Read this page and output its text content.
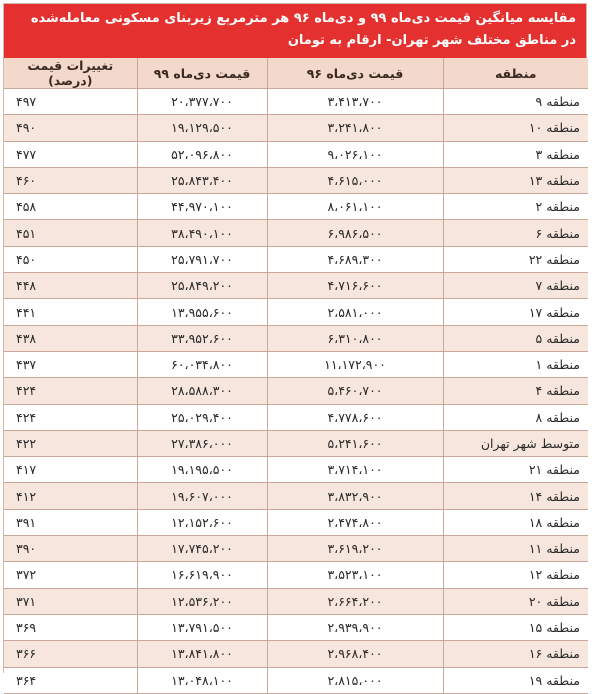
مقایسه میانگین قیمت دی‌ماه ۹۹ و دی‌ماه ۹۶ هر مترمربع زیربنای مسکونی معامله‌شده
در مناطق مختلف شهر تهران- ارقام به تومان
منطقه	قیمت دی‌ماه ۹۶	قیمت دی‌ماه ۹۹	تغییرات قیمت (درصد)
منطقه ۹	۳،۴۱۳،۷۰۰	۲۰،۳۷۷،۷۰۰	۴۹۷
منطقه ۱۰	۳،۲۴۱،۸۰۰	۱۹،۱۲۹،۵۰۰	۴۹۰
منطقه ۳	۹،۰۲۶،۱۰۰	۵۲،۰۹۶،۸۰۰	۴۷۷
منطقه ۱۳	۴،۶۱۵،۰۰۰	۲۵،۸۴۳،۴۰۰	۴۶۰
منطقه ۲	۸،۰۶۱،۱۰۰	۴۴،۹۷۰،۱۰۰	۴۵۸
منطقه ۶	۶،۹۸۶،۵۰۰	۳۸،۴۹۰،۱۰۰	۴۵۱
منطقه ۲۲	۴،۶۸۹،۳۰۰	۲۵،۷۹۱،۷۰۰	۴۵۰
منطقه ۷	۴،۷۱۶،۶۰۰	۲۵،۸۴۹،۲۰۰	۴۴۸
منطقه ۱۷	۲،۵۸۱،۰۰۰	۱۳،۹۵۵،۶۰۰	۴۴۱
منطقه ۵	۶،۳۱۰،۸۰۰	۳۳،۹۵۲،۶۰۰	۴۳۸
منطقه ۱	۱۱،۱۷۲،۹۰۰	۶۰،۰۳۴،۸۰۰	۴۳۷
منطقه ۴	۵،۴۶۰،۷۰۰	۲۸،۵۸۸،۳۰۰	۴۲۴
منطقه ۸	۴،۷۷۸،۶۰۰	۲۵،۰۲۹،۴۰۰	۴۲۴
متوسط شهر تهران	۵،۲۴۱،۶۰۰	۲۷،۳۸۶،۰۰۰	۴۲۲
منطقه ۲۱	۳،۷۱۴،۱۰۰	۱۹،۱۹۵،۵۰۰	۴۱۷
منطقه ۱۴	۳،۸۳۲،۹۰۰	۱۹،۶۰۷،۰۰۰	۴۱۲
منطقه ۱۸	۲،۴۷۴،۸۰۰	۱۲،۱۵۲،۶۰۰	۳۹۱
منطقه ۱۱	۳،۶۱۹،۲۰۰	۱۷،۷۴۵،۲۰۰	۳۹۰
منطقه ۱۲	۳،۵۲۳،۱۰۰	۱۶،۶۱۹،۹۰۰	۳۷۲
منطقه ۲۰	۲،۶۶۴،۲۰۰	۱۲،۵۳۶،۲۰۰	۳۷۱
منطقه ۱۵	۲،۹۳۹،۹۰۰	۱۳،۷۹۱،۵۰۰	۳۶۹
منطقه ۱۶	۲،۹۶۸،۴۰۰	۱۳،۸۴۱،۸۰۰	۳۶۶
منطقه ۱۹	۲،۸۱۵،۰۰۰	۱۳،۰۴۸،۱۰۰	۳۶۴
